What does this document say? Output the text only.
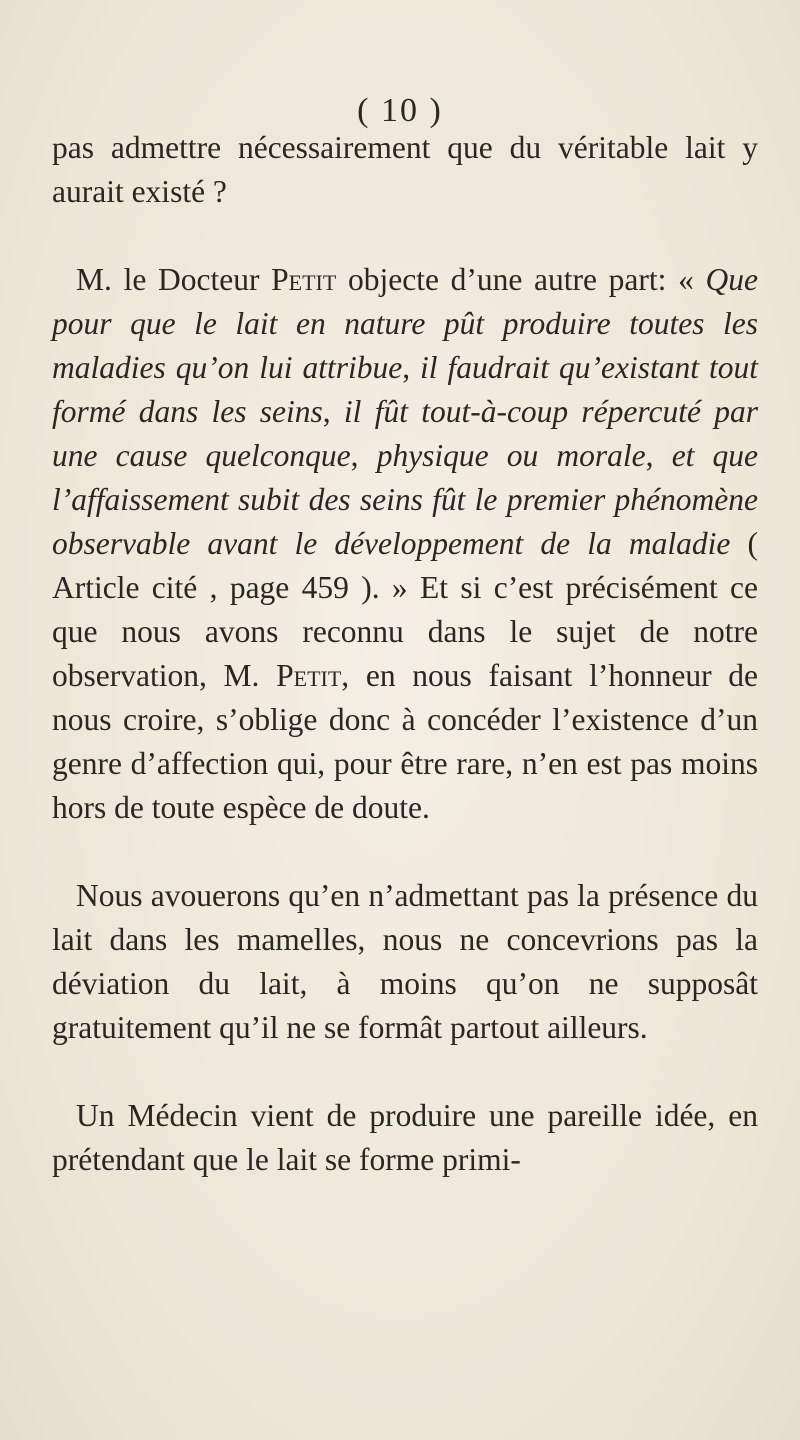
( 10 )

pas admettre nécessairement que du véritable lait y aurait existé ?

M. le Docteur Petit objecte d’une autre part: « Que pour que le lait en nature pût produire toutes les maladies qu’on lui attribue, il faudrait qu’existant tout formé dans les seins, il fût tout-à-coup répercuté par une cause quelconque, physique ou morale, et que l’affaissement subit des seins fût le premier phénomène observable avant le développement de la maladie ( Article cité , page 459 ). » Et si c’est précisément ce que nous avons reconnu dans le sujet de notre observation, M. Petit, en nous faisant l’honneur de nous croire, s’oblige donc à concéder l’existence d’un genre d’affection qui, pour être rare, n’en est pas moins hors de toute espèce de doute.

Nous avouerons qu’en n’admettant pas la présence du lait dans les mamelles, nous ne concevrions pas la déviation du lait, à moins qu’on ne supposât gratuitement qu’il ne se formât partout ailleurs.

Un Médecin vient de produire une pareille idée, en prétendant que le lait se forme primi-
